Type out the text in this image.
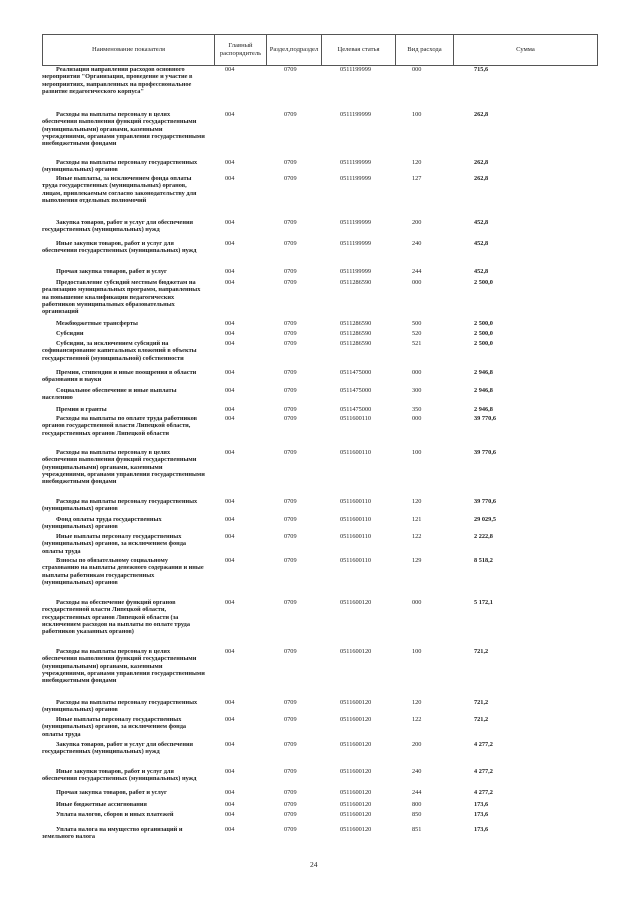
Наименование показателя	Главный распорядитель	Раздел,подраздел	Целевая статья	Вид расхода	Сумма
Реализация направления расходов основного мероприятия "Организация, проведение и участие в мероприятиях, направленных на профессиональное развитие педагогического корпуса"
004	0709	0511199999	000	715,6
Расходы на выплаты персоналу в целях обеспечения выполнения функций государственными (муниципальными) органами, казенными учреждениями, органами управления государственными внебюджетными фондами
004	0709	0511199999	100	262,8
Расходы на выплаты персоналу государственных (муниципальных) органов
004	0709	0511199999	120	262,8
Иные выплаты, за исключением фонда оплаты труда государственных (муниципальных) органов, лицам, привлекаемым согласно законодательству для выполнения отдельных полномочий
004	0709	0511199999	127	262,8
Закупка товаров, работ и услуг для обеспечения государственных (муниципальных) нужд
004	0709	0511199999	200	452,8
Иные закупки товаров, работ и услуг для обеспечения государственных (муниципальных) нужд
004	0709	0511199999	240	452,8
Прочая закупка товаров, работ и услуг	004	0709	0511199999	244	452,8
Предоставление субсидий местным бюджетам на реализацию муниципальных программ, направленных на повышение квалификации педагогических работников муниципальных образовательных организаций
004	0709	0511286590	000	2 500,0
Межбюджетные трансферты	004	0709	0511286590	500	2 500,0
Субсидии	004	0709	0511286590	520	2 500,0
Субсидии, за исключением субсидий на софинансирование капитальных вложений в объекты государственной (муниципальной) собственности
004	0709	0511286590	521	2 500,0
Премии, стипендии и иные поощрения в области образования и науки
004	0709	0511475000	000	2 946,8
Социальное обеспечение и иные выплаты населению
004	0709	0511475000	300	2 946,8
Премии и гранты	004	0709	0511475000	350	2 946,8
Расходы на выплаты по оплате труда работников органов государственной власти Липецкой области, государственных органов Липецкой области
004	0709	0511600110	000	39 770,6
Расходы на выплаты персоналу в целях обеспечения выполнения функций государственными (муниципальными) органами, казенными учреждениями, органами управления государственными внебюджетными фондами
004	0709	0511600110	100	39 770,6
Расходы на выплаты персоналу государственных (муниципальных) органов
004	0709	0511600110	120	39 770,6
Фонд оплаты труда государственных (муниципальных) органов
004	0709	0511600110	121	29 029,5
Иные выплаты персоналу государственных (муниципальных) органов, за исключением фонда оплаты труда
004	0709	0511600110	122	2 222,8
Взносы по обязательному социальному страхованию на выплаты денежного содержания и иные выплаты работникам государственных (муниципальных) органов
004	0709	0511600110	129	8 518,2
Расходы на обеспечение функций органов государственной власти Липецкой области, государственных органов Липецкой области (за исключением расходов на выплаты по оплате труда работников указанных органов)
004	0709	0511600120	000	5 172,1
Расходы на выплаты персоналу в целях обеспечения выполнения функций государственными (муниципальными) органами, казенными учреждениями, органами управления государственными внебюджетными фондами
004	0709	0511600120	100	721,2
Расходы на выплаты персоналу государственных (муниципальных) органов
004	0709	0511600120	120	721,2
Иные выплаты персоналу государственных (муниципальных) органов, за исключением фонда оплаты труда
004	0709	0511600120	122	721,2
Закупка товаров, работ и услуг для обеспечения государственных (муниципальных) нужд
004	0709	0511600120	200	4 277,2
Иные закупки товаров, работ и услуг для обеспечения государственных (муниципальных) нужд
004	0709	0511600120	240	4 277,2
Прочая закупка товаров, работ и услуг	004	0709	0511600120	244	4 277,2
Иные бюджетные ассигнования	004	0709	0511600120	800	173,6
Уплата налогов, сборов и иных платежей	004	0709	0511600120	850	173,6
Уплата налога на имущество организаций и земельного налога
004	0709	0511600120	851	173,6
24
